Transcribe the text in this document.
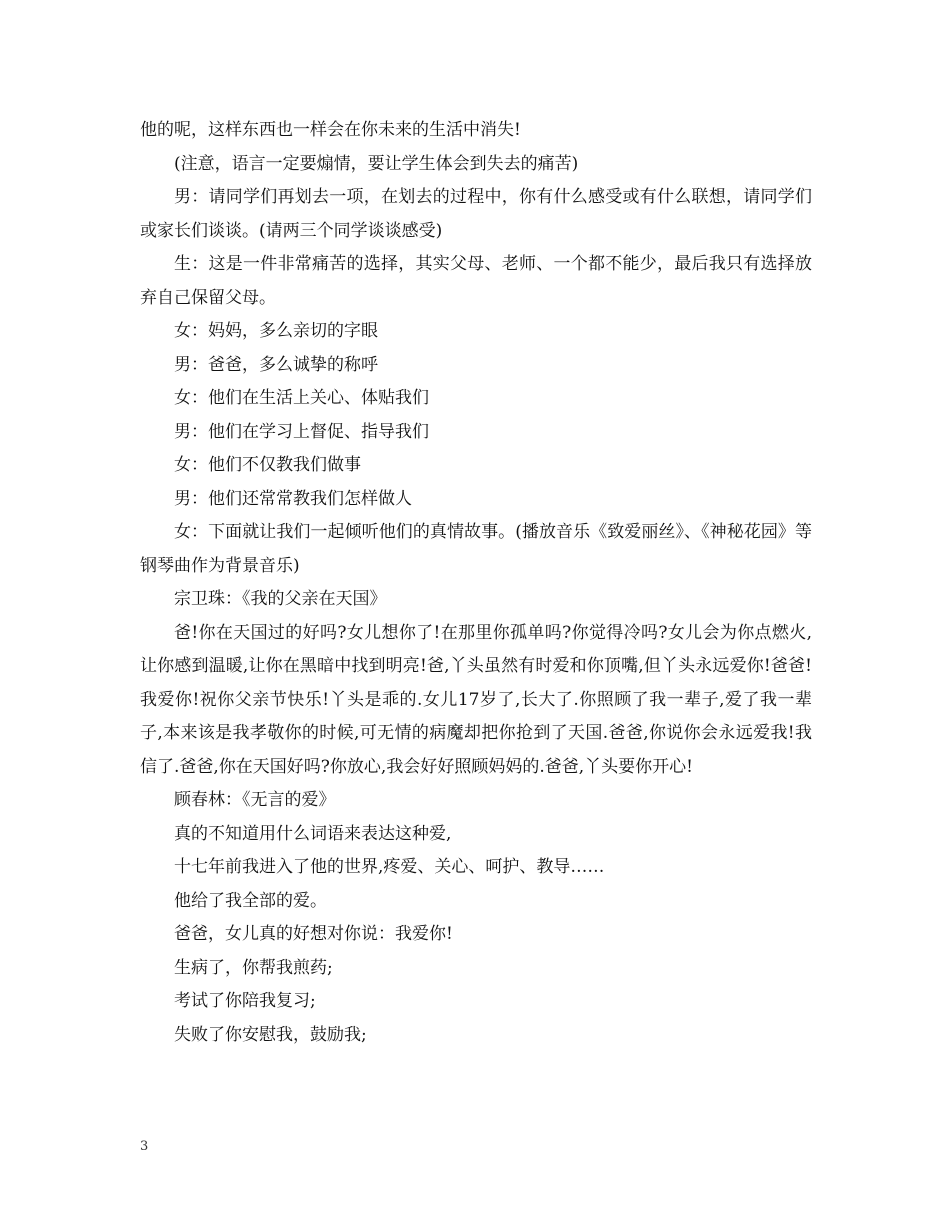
他的呢，这样东西也一样会在你未来的生活中消失!

(注意，语言一定要煽情，要让学生体会到失去的痛苦)

男：请同学们再划去一项，在划去的过程中，你有什么感受或有什么联想，请同学们或家长们谈谈。(请两三个同学谈谈感受)

生：这是一件非常痛苦的选择，其实父母、老师、一个都不能少，最后我只有选择放弃自己保留父母。

女：妈妈，多么亲切的字眼

男：爸爸，多么诚挚的称呼

女：他们在生活上关心、体贴我们

男：他们在学习上督促、指导我们

女：他们不仅教我们做事

男：他们还常常教我们怎样做人

女：下面就让我们一起倾听他们的真情故事。(播放音乐《致爱丽丝》、《神秘花园》等钢琴曲作为背景音乐)

宗卫珠：《我的父亲在天国》

爸!你在天国过的好吗?女儿想你了!在那里你孤单吗?你觉得冷吗?女儿会为你点燃火,让你感到温暖,让你在黑暗中找到明亮!爸,丫头虽然有时爱和你顶嘴,但丫头永远爱你!爸爸!我爱你!祝你父亲节快乐!丫头是乖的.女儿17岁了,长大了.你照顾了我一辈子,爱了我一辈子,本来该是我孝敬你的时候,可无情的病魔却把你抢到了天国.爸爸,你说你会永远爱我!我信了.爸爸,你在天国好吗?你放心,我会好好照顾妈妈的.爸爸,丫头要你开心!

顾春林：《无言的爱》

真的不知道用什么词语来表达这种爱,

十七年前我进入了他的世界,疼爱、关心、呵护、教导……

他给了我全部的爱。

爸爸，女儿真的好想对你说：我爱你!

生病了，你帮我煎药;

考试了你陪我复习;

失败了你安慰我，鼓励我;

3
